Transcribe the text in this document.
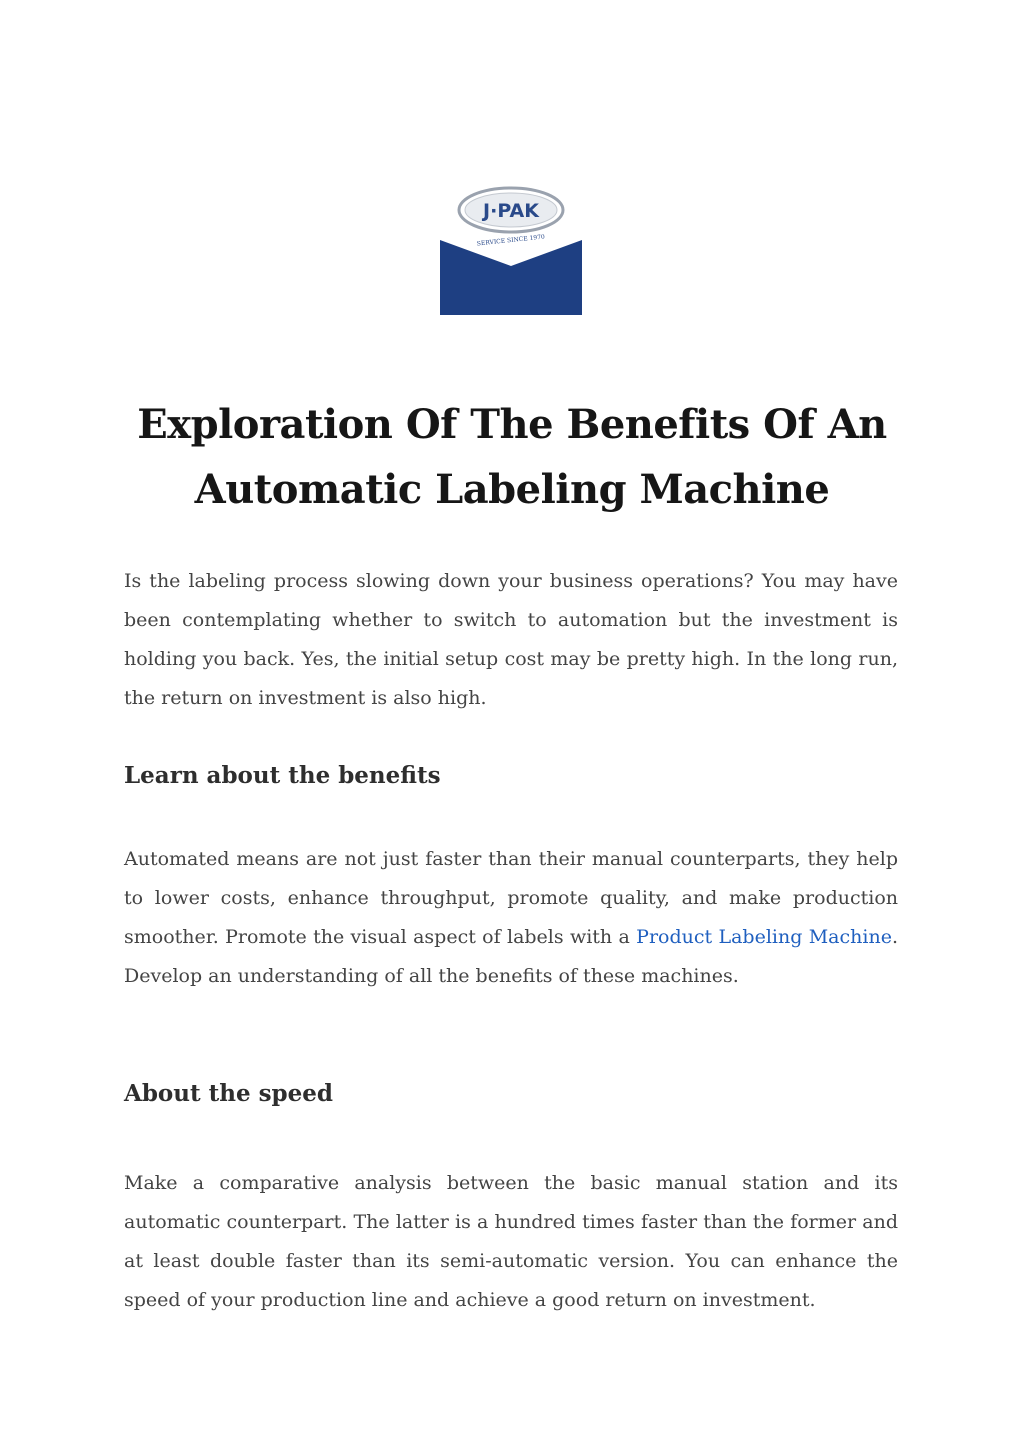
J·PAK
SERVICE SINCE 1970
Exploration Of The Benefits Of An
Automatic Labeling Machine

Is the labeling process slowing down your business operations? You may have been contemplating whether to switch to automation but the investment is holding you back. Yes, the initial setup cost may be pretty high. In the long run, the return on investment is also high.

Learn about the benefits

Automated means are not just faster than their manual counterparts, they help to lower costs, enhance throughput, promote quality, and make production smoother. Promote the visual aspect of labels with a Product Labeling Machine. Develop an understanding of all the benefits of these machines.

About the speed

Make a comparative analysis between the basic manual station and its automatic counterpart. The latter is a hundred times faster than the former and at least double faster than its semi-automatic version. You can enhance the speed of your production line and achieve a good return on investment.
